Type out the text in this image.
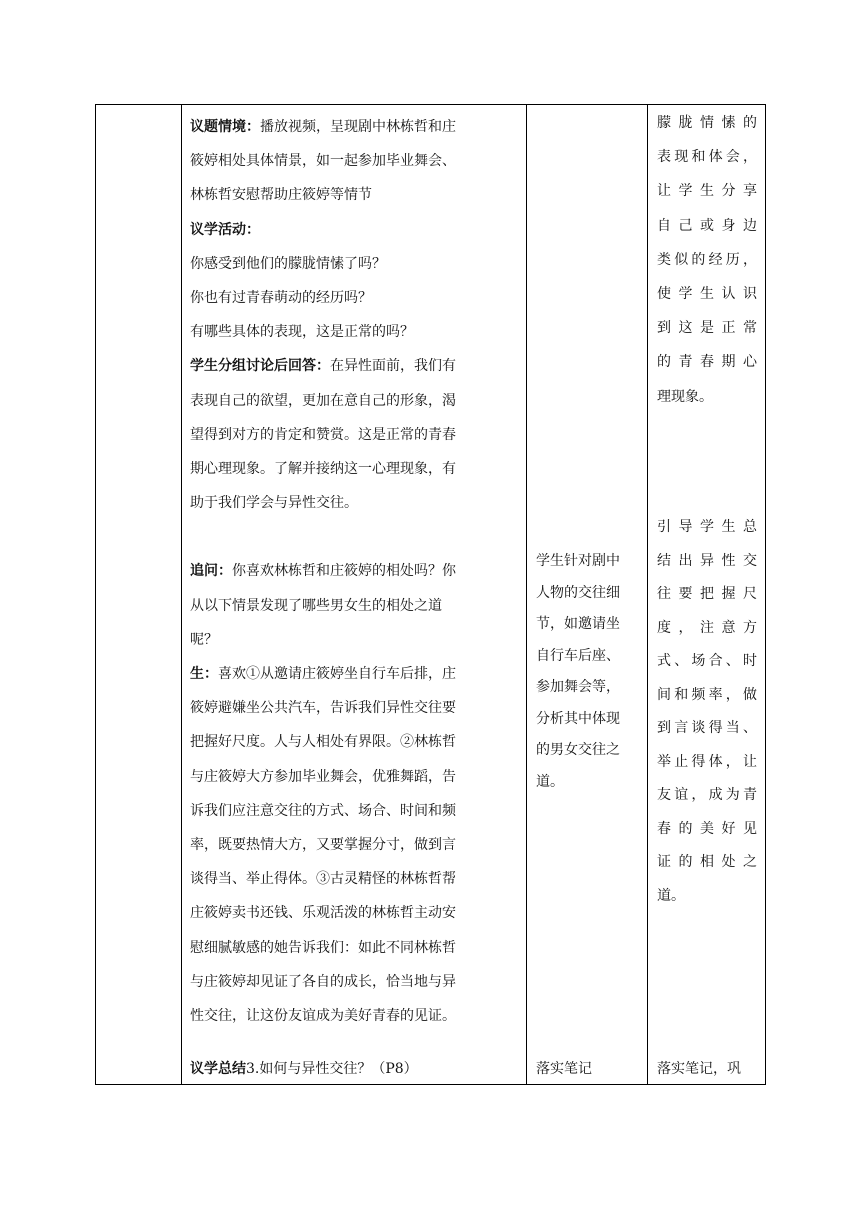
议题情境：播放视频，呈现剧中林栋哲和庄
筱婷相处具体情景，如一起参加毕业舞会、
林栋哲安慰帮助庄筱婷等情节
议学活动：
你感受到他们的朦胧情愫了吗？
你也有过青春萌动的经历吗？
有哪些具体的表现，这是正常的吗？
学生分组讨论后回答：在异性面前，我们有
表现自己的欲望，更加在意自己的形象，渴
望得到对方的肯定和赞赏。这是正常的青春
期心理现象。了解并接纳这一心理现象，有
助于我们学会与异性交往。
追问：你喜欢林栋哲和庄筱婷的相处吗？你
从以下情景发现了哪些男女生的相处之道
呢？
生：喜欢①从邀请庄筱婷坐自行车后排，庄
筱婷避嫌坐公共汽车，告诉我们异性交往要
把握好尺度。人与人相处有界限。②林栋哲
与庄筱婷大方参加毕业舞会，优雅舞蹈，告
诉我们应注意交往的方式、场合、时间和频
率，既要热情大方，又要掌握分寸，做到言
谈得当、举止得体。③古灵精怪的林栋哲帮
庄筱婷卖书还钱、乐观活泼的林栋哲主动安
慰细腻敏感的她告诉我们：如此不同林栋哲
与庄筱婷却见证了各自的成长，恰当地与异
性交往，让这份友谊成为美好青春的见证。
议学总结3.如何与异性交往？（P8）
学生针对剧中
人物的交往细
节，如邀请坐
自行车后座、
参加舞会等，
分析其中体现
的男女交往之
道。
落实笔记
朦胧情愫的
表现和体会，
让学生分享
自己或身边
类似的经历，
使学生认识
到这是正常
的青春期心
理现象。
引导学生总
结出异性交
往要把握尺
度，注意方
式、场合、时
间和频率，做
到言谈得当、
举止得体，让
友谊，成为青
春的美好见
证的相处之
道。
落实笔记，巩
